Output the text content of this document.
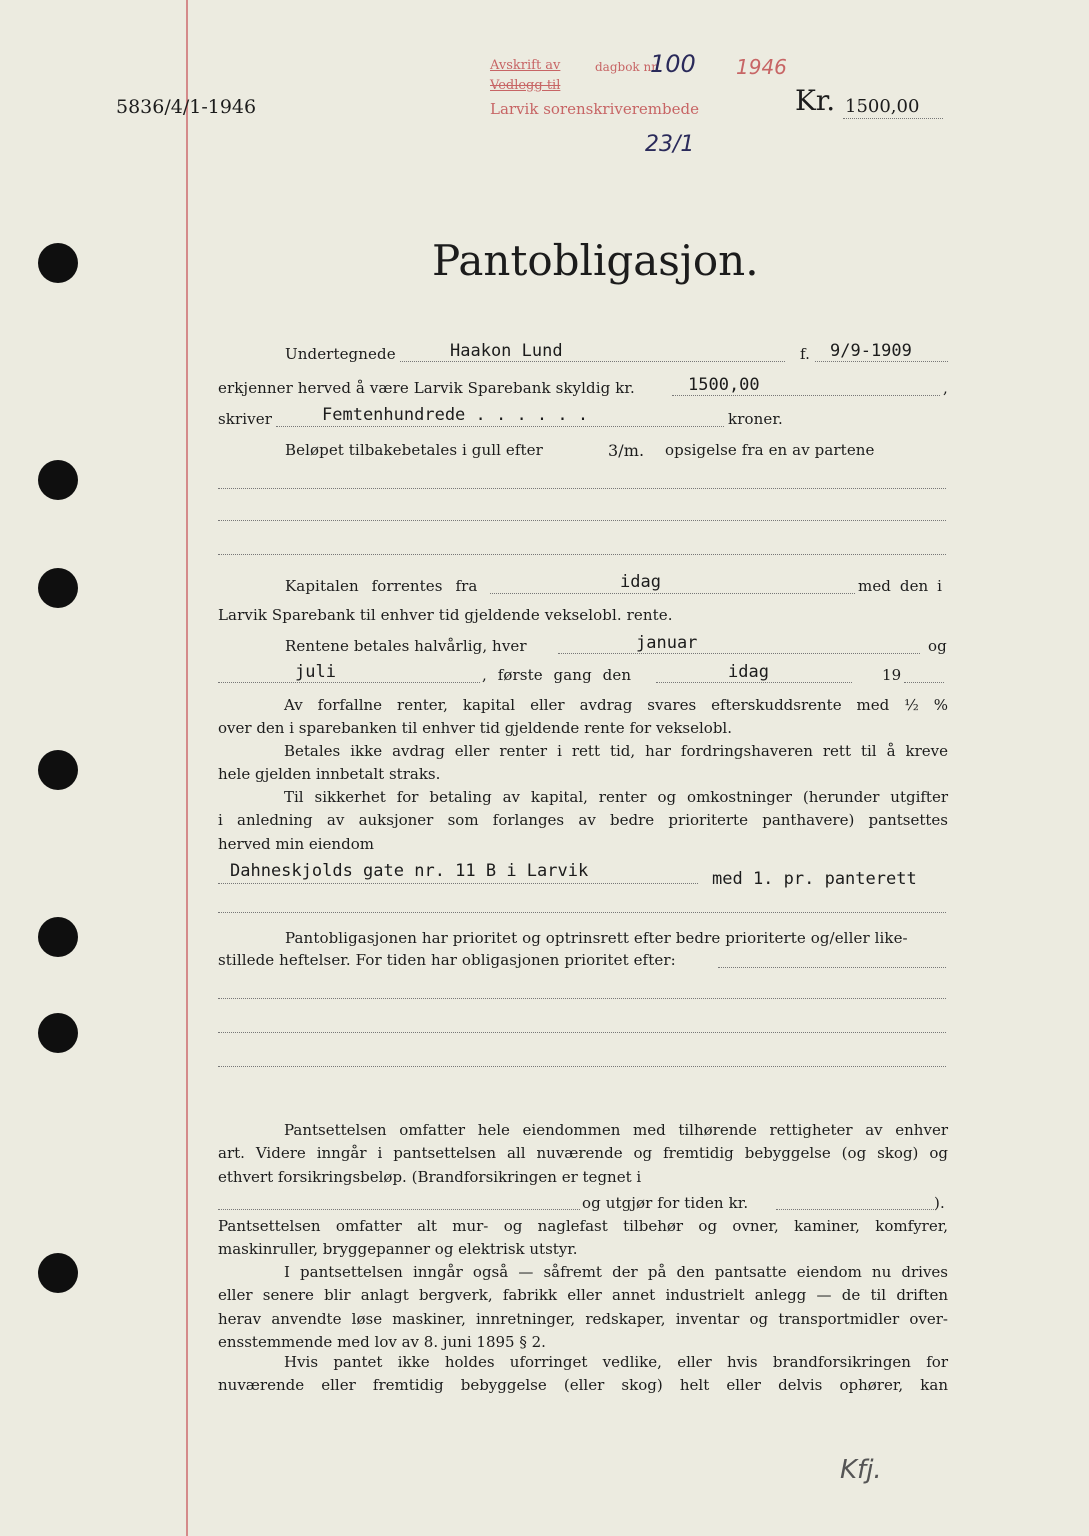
5836/4/1-1946
Avskrift av	dagbok nr.
100 1946
Vedlegg til
Larvik sorenskriverembede	Kr. 1500,00
23/1
Pantobligasjon.
Undertegnede	Haakon Lund	f. 9/9-1909
erkjenner herved å være Larvik Sparebank skyldig kr.	1500,00	,
skriver	Femtenhundrede . . . . . .	kroner.
Beløpet tilbakebetales i gull efter	3/m. opsigelse fra en av partene
Kapitalen forrentes fra	idag	med den i
Larvik Sparebank til enhver tid gjeldende vekselobl. rente.
Rentene betales halvårlig, hver	januar	og
juli	, første gang den	idag	19
Av forfallne renter, kapital eller avdrag svares efterskuddsrente med ½ %
over den i sparebanken til enhver tid gjeldende rente for vekselobl.
Betales ikke avdrag eller renter i rett tid, har fordringshaveren rett til å kreve
hele gjelden innbetalt straks.
Til sikkerhet for betaling av kapital, renter og omkostninger (herunder utgifter
i anledning av auksjoner som forlanges av bedre prioriterte panthavere) pantsettes
herved min eiendom
Dahneskjolds gate nr. 11 B i Larvik	med 1. pr. panterett
Pantobligasjonen har prioritet og optrinsrett efter bedre prioriterte og/eller like-
stillede heftelser. For tiden har obligasjonen prioritet efter:
Pantsettelsen omfatter hele eiendommen med tilhørende rettigheter av enhver
art. Videre inngår i pantsettelsen all nuværende og fremtidig bebyggelse (og skog) og
ethvert forsikringsbeløp. (Brandforsikringen er tegnet i
og utgjør for tiden kr.	).
Pantsettelsen omfatter alt mur- og naglefast tilbehør og ovner, kaminer, komfyrer,
maskinruller, bryggepanner og elektrisk utstyr.
I pantsettelsen inngår også — såfremt der på den pantsatte eiendom nu drives
eller senere blir anlagt bergverk, fabrikk eller annet industrielt anlegg — de til driften
herav anvendte løse maskiner, innretninger, redskaper, inventar og transportmidler over-
ensstemmende med lov av 8. juni 1895 § 2.
Hvis pantet ikke holdes uforringet vedlike, eller hvis brandforsikringen for
nuværende eller fremtidig bebyggelse (eller skog) helt eller delvis ophører, kan
Kfj.
